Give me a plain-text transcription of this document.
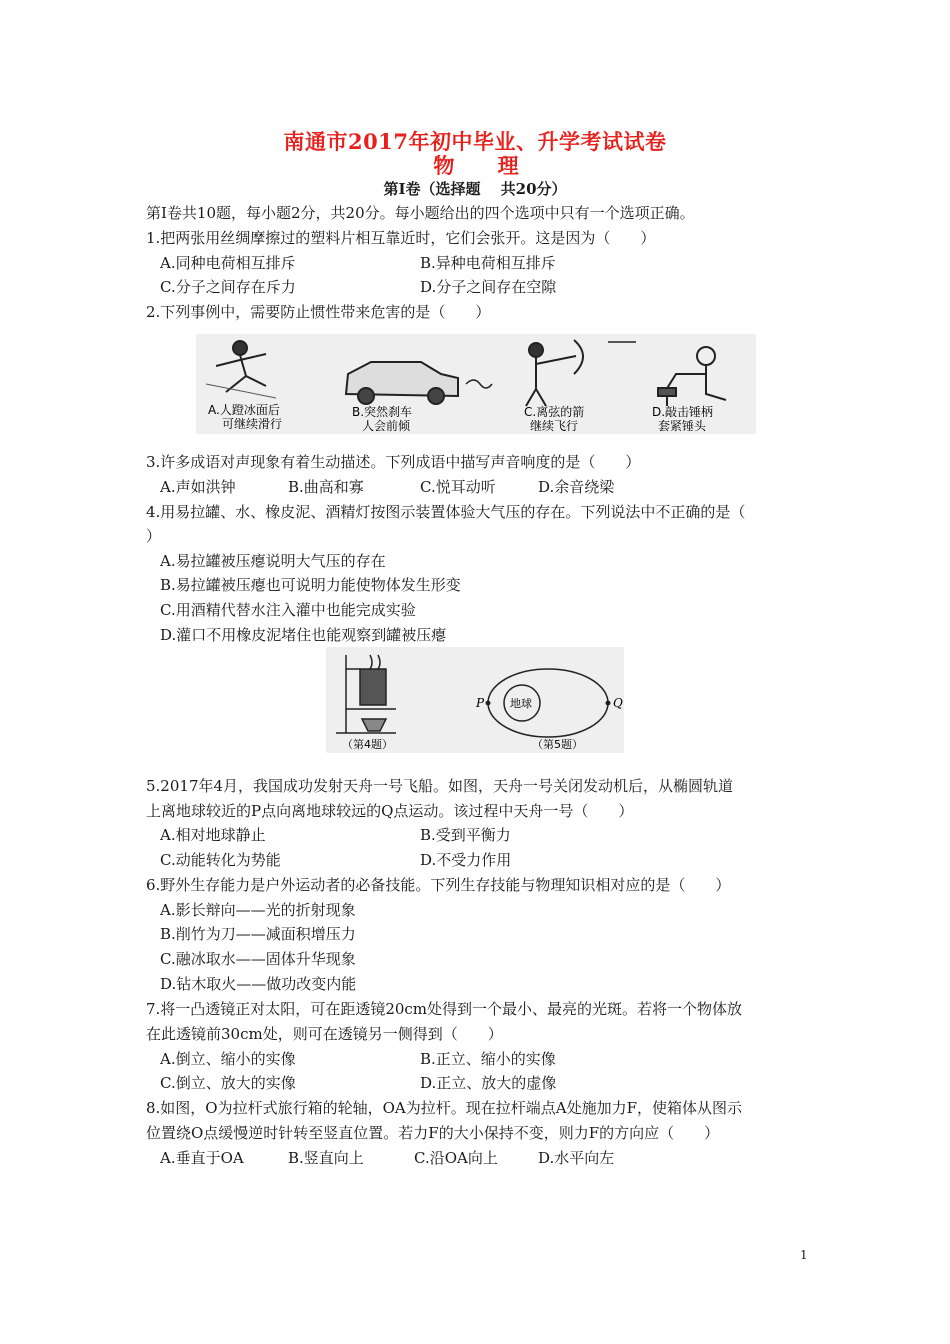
南通市2017年初中毕业、升学考试试卷
物 理
第Ⅰ卷（选择题　 共20分）
第Ⅰ卷共10题，每小题2分，共20分。每小题给出的四个选项中只有一个选项正确。
1.把两张用丝绸摩擦过的塑料片相互靠近时，它们会张开。这是因为（　　）
A.同种电荷相互排斥	B.异种电荷相互排斥
C.分子之间存在斥力	D.分子之间存在空隙
2.下列事例中，需要防止惯性带来危害的是（　　）
A.人蹬冰面后
可继续滑行
B.突然刹车
人会前倾
C.离弦的箭
继续飞行
D.敲击锤柄
套紧锤头
3.许多成语对声现象有着生动描述。下列成语中描写声音响度的是（　　）
A.声如洪钟	B.曲高和寡	C.悦耳动听	D.余音绕梁
4.用易拉罐、水、橡皮泥、酒精灯按图示装置体验大气压的存在。下列说法中不正确的是（
）
A.易拉罐被压瘪说明大气压的存在
B.易拉罐被压瘪也可说明力能使物体发生形变
C.用酒精代替水注入灌中也能完成实验
D.灌口不用橡皮泥堵住也能观察到罐被压瘪
（第4题）
P	Q
地球
（第5题）
5.2017年4月，我国成功发射天舟一号飞船。如图，天舟一号关闭发动机后，从椭圆轨道
上离地球较近的P点向离地球较远的Q点运动。该过程中天舟一号（　　）
A.相对地球静止	B.受到平衡力
C.动能转化为势能	D.不受力作用
6.野外生存能力是户外运动者的必备技能。下列生存技能与物理知识相对应的是（　　）
A.影长辩向——光的折射现象
B.削竹为刀——减面积增压力
C.融冰取水——固体升华现象
D.钻木取火——做功改变内能
7.将一凸透镜正对太阳，可在距透镜20cm处得到一个最小、最亮的光斑。若将一个物体放
在此透镜前30cm处，则可在透镜另一侧得到（　　）
A.倒立、缩小的实像	B.正立、缩小的实像
C.倒立、放大的实像	D.正立、放大的虚像
8.如图，O为拉杆式旅行箱的轮轴，OA为拉杆。现在拉杆端点A处施加力F，使箱体从图示
位置绕O点缓慢逆时针转至竖直位置。若力F的大小保持不变，则力F的方向应（　　）
A.垂直于OA	B.竖直向上	C.沿OA向上	D.水平向左
1
